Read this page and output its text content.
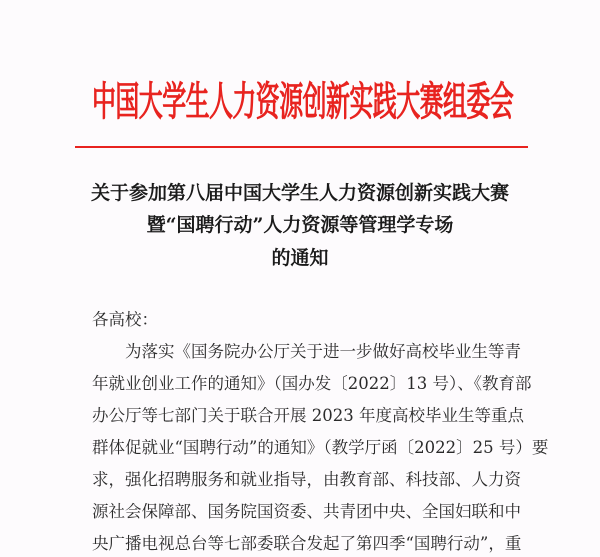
中国大学生人力资源创新实践大赛组委会
关于参加第八届中国大学生人力资源创新实践大赛
暨“国聘行动”人力资源等管理学专场
的通知
各高校：
为落实《国务院办公厅关于进一步做好高校毕业生等青
年就业创业工作的通知》（国办发〔2022〕13 号）、《教育部
办公厅等七部门关于联合开展 2023 年度高校毕业生等重点
群体促就业“国聘行动”的通知》（教学厅函〔2022〕25 号）要
求，强化招聘服务和就业指导，由教育部、科技部、人力资
源社会保障部、国务院国资委、共青团中央、全国妇联和中
央广播电视总台等七部委联合发起了第四季“国聘行动”，重
